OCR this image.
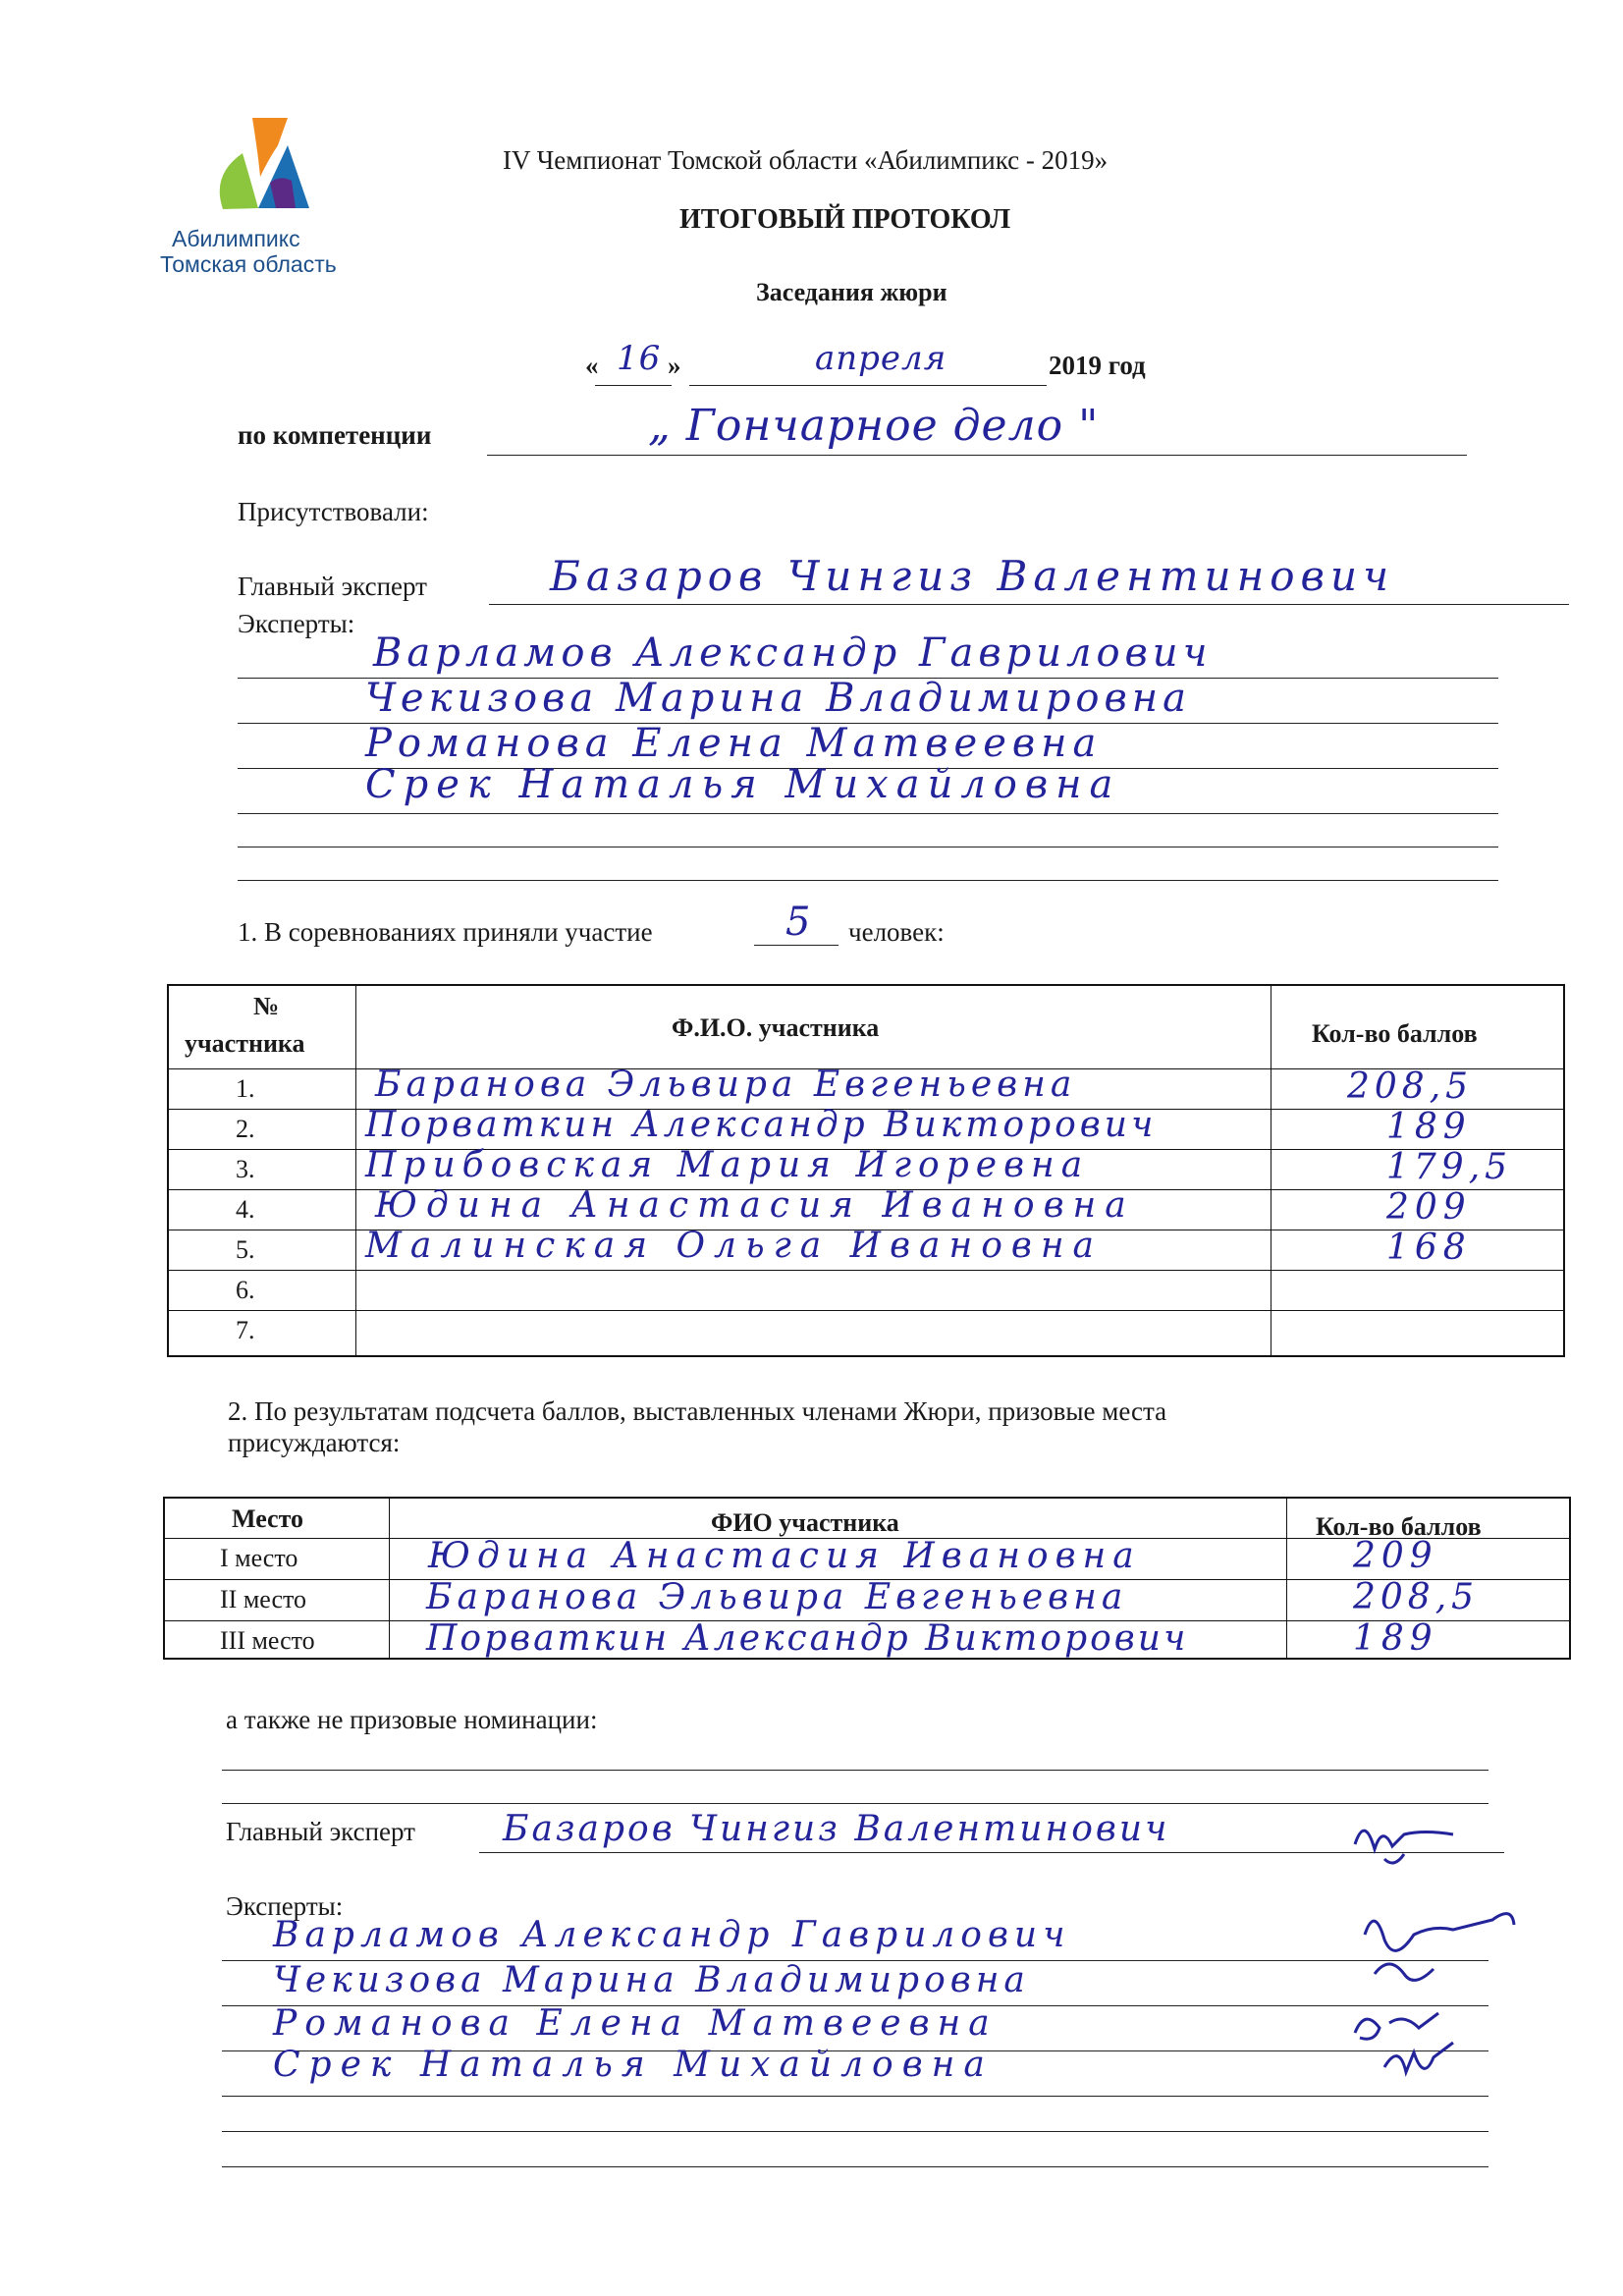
Абилимпикс
Томская область
IV Чемпионат Томской области «Абилимпикс - 2019»
ИТОГОВЫЙ ПРОТОКОЛ
Заседания жюри
« 16 »	апреля	2019 год
по компетенции	„ Гончарное дело "
Присутствовали:
Главный эксперт	Базаров Чингиз Валентинович
Эксперты:
Варламов Александр Гаврилович
Чекизова Марина Владимировна
Романова Елена Матвеевна
Срек Наталья Михайловна
1. В соревнованиях приняли участие	5 человек:
№
участника
Ф.И.О. участника	Кол-во баллов
1.	Баранова Эльвира Евгеньевна	208,5
2.	Порваткин Александр Викторович	189
3.	Прибовская Мария Игоревна	179,5
4.	Юдина Анастасия Ивановна	209
5.	Малинская Ольга Ивановна	168
6.
7.
2. По результатам подсчета баллов, выставленных членами Жюри, призовые места
присуждаются:
Место	ФИО участника	Кол-во баллов
I место	Юдина Анастасия Ивановна	209
II место	Баранова Эльвира Евгеньевна	208,5
III место	Порваткин Александр Викторович	189
а также не призовые номинации:
Главный эксперт Базаров Чингиз Валентинович
Эксперты:
Варламов Александр Гаврилович
Чекизова Марина Владимировна
Романова Елена Матвеевна
Срек Наталья Михайловна
